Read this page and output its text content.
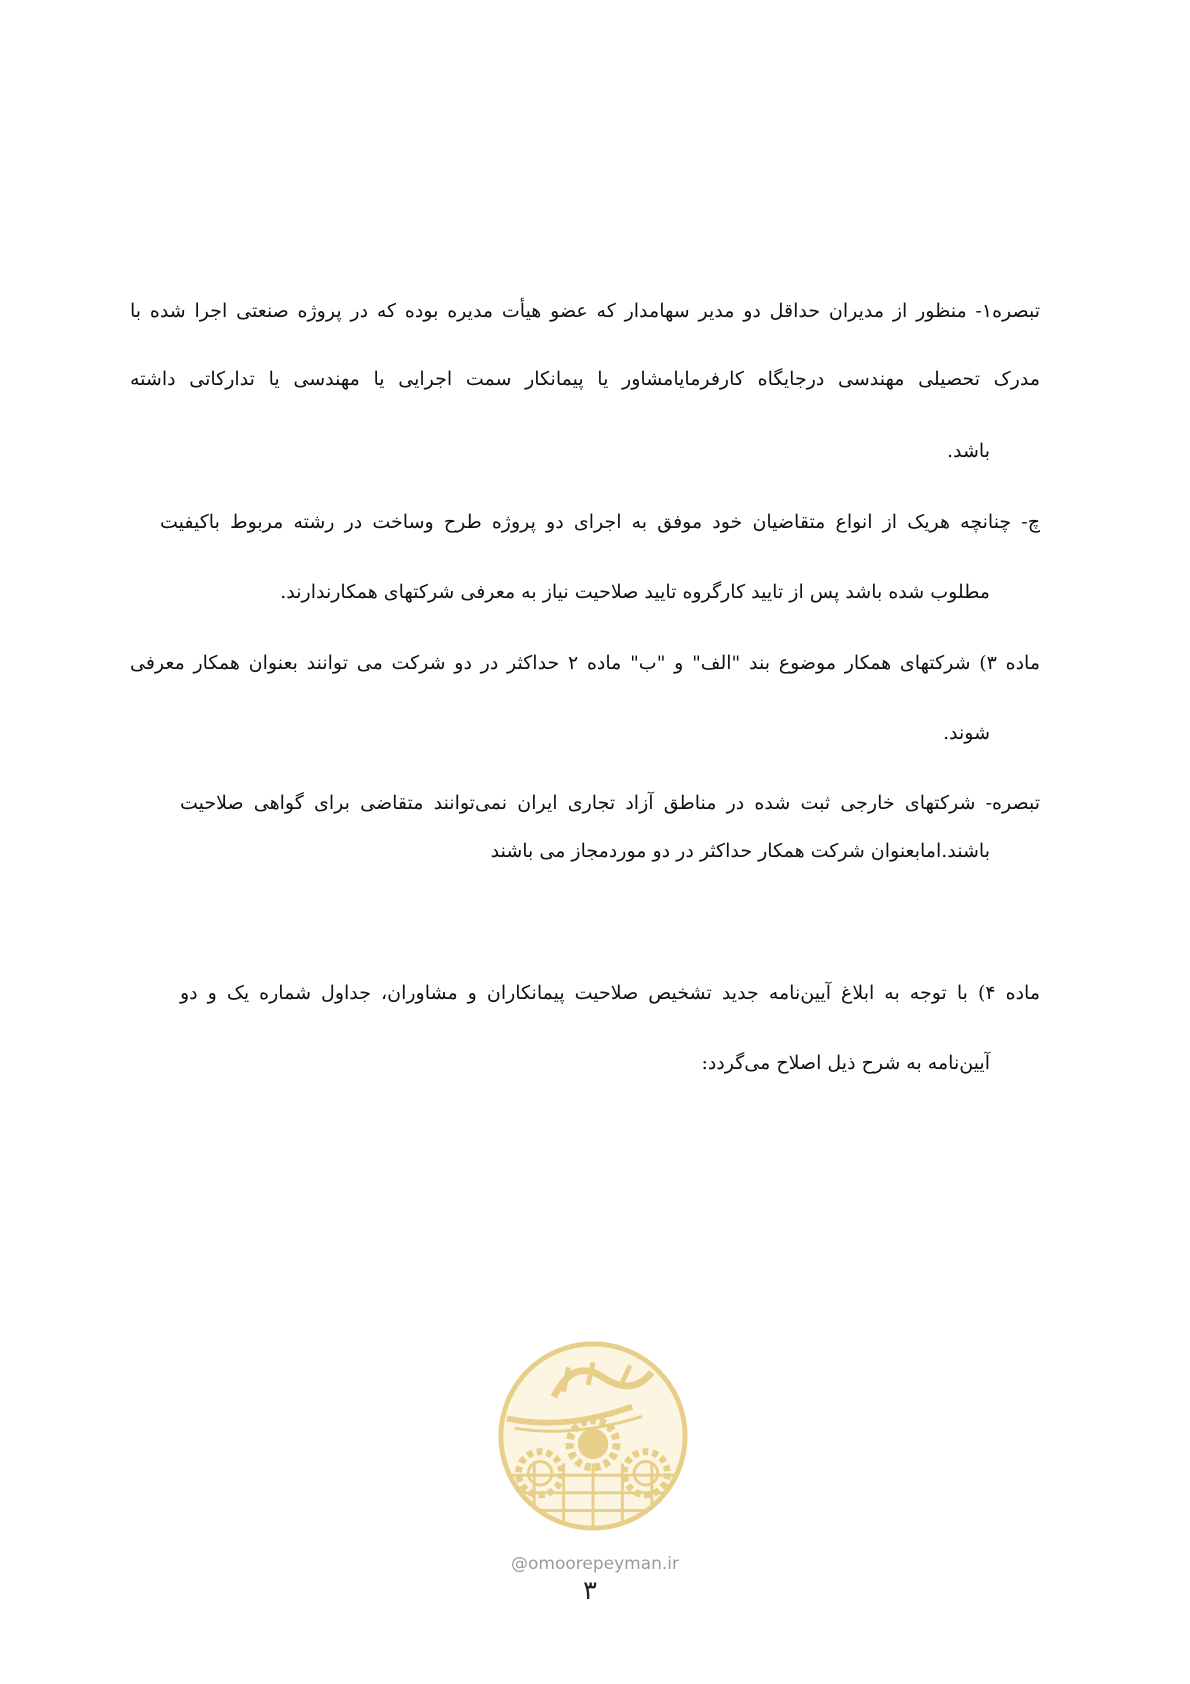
تبصره۱- منظور از مدیران حداقل دو مدیر سهامدار که عضو هیأت مدیره بوده که در پروژه صنعتی اجرا شده با
مدرک تحصیلی مهندسی درجایگاه کارفرمایامشاور یا پیمانکار سمت اجرایی یا مهندسی یا تدارکاتی داشته
باشد.
چ- چنانچه هریک از انواع متقاضیان خود موفق به اجرای دو پروژه طرح وساخت در رشته مربوط باکیفیت
مطلوب شده باشد پس از تایید کارگروه تایید صلاحیت نیاز به معرفی شرکتهای همکارندارند.
ماده ۳) شرکتهای همکار موضوع بند "الف" و "ب" ماده ۲ حداکثر در دو شرکت می توانند بعنوان همکار معرفی
شوند.
تبصره- شرکتهای خارجی ثبت شده در مناطق آزاد تجاری ایران نمی‌توانند متقاضی برای گواهی صلاحیت
باشند.امابعنوان شرکت همکار حداکثر در دو موردمجاز می باشند
ماده ۴) با توجه به ابلاغ آیین‌نامه جدید تشخیص صلاحیت پیمانکاران و مشاوران، جداول شماره یک و دو
آیین‌نامه به شرح ذیل اصلاح می‌گردد:
@omoorepeyman.ir
۳
